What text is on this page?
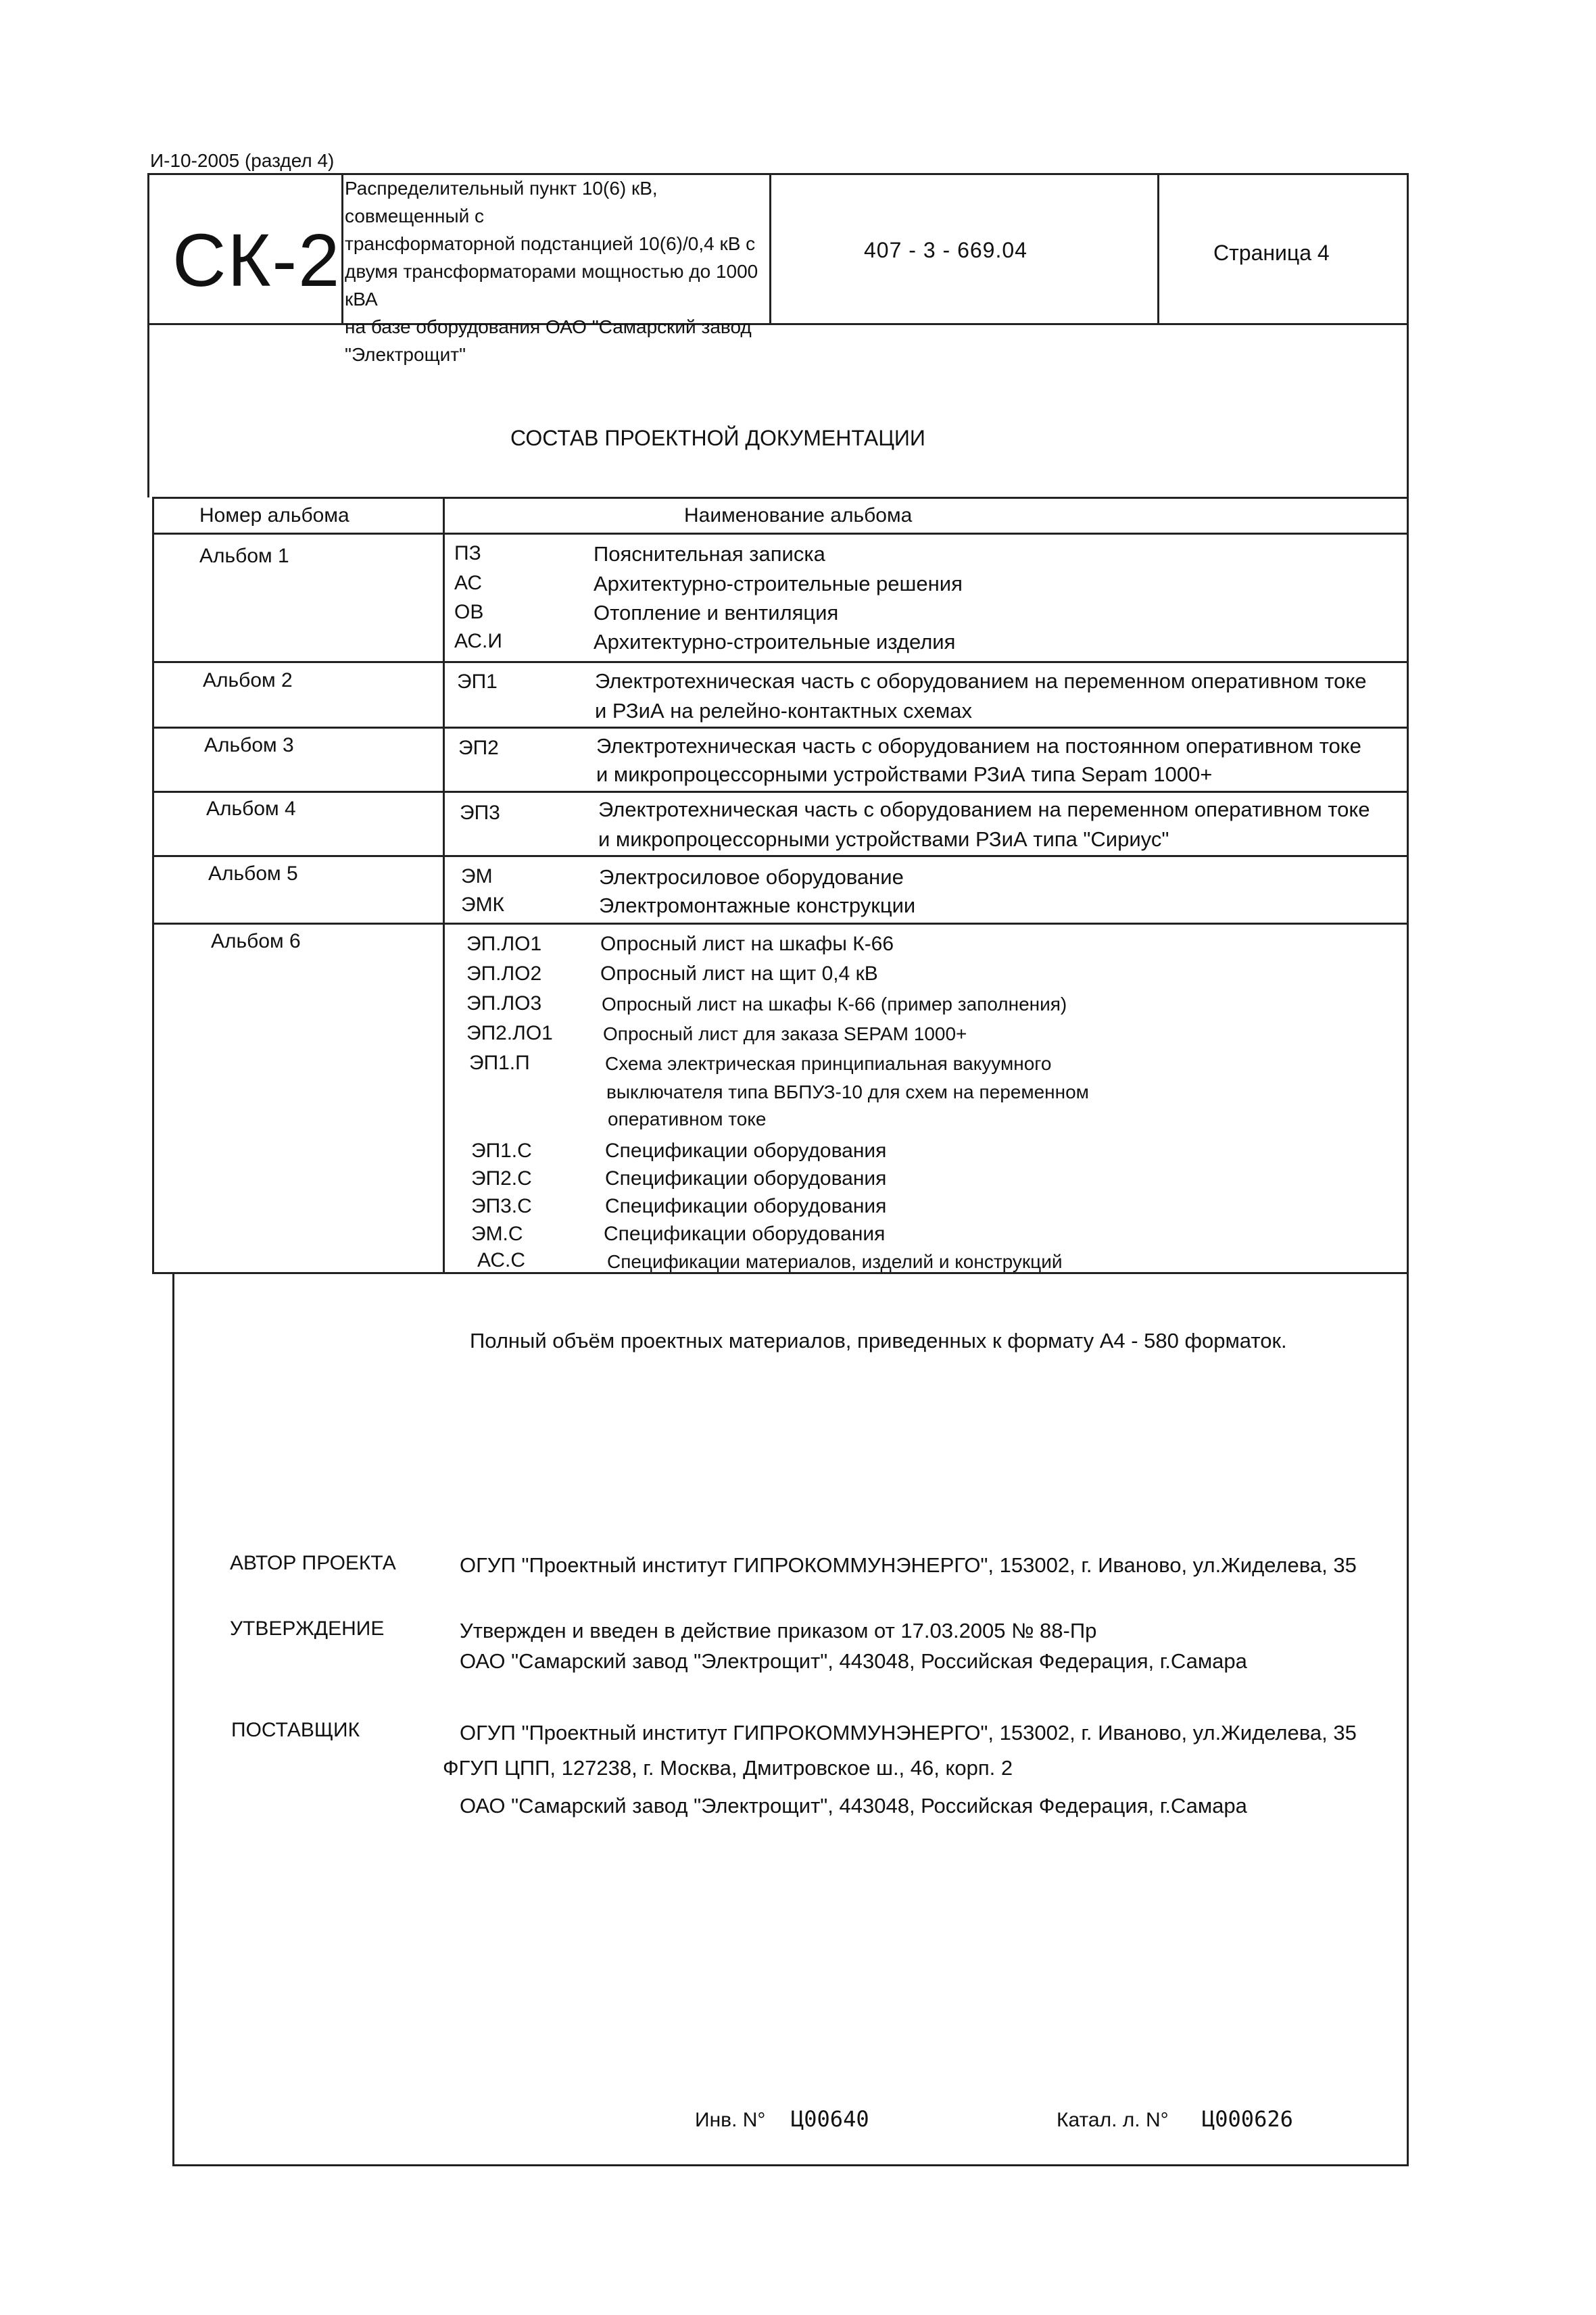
И-10-2005 (раздел 4)
СК-2
Распределительный пункт 10(6) кВ, совмещенный с
трансформаторной подстанцией 10(6)/0,4 кВ с
двумя трансформаторами мощностью до 1000 кВА
на базе оборудования ОАО "Самарский завод
"Электрощит"
407 - 3 - 669.04	Страница 4
СОСТАВ ПРОЕКТНОЙ ДОКУМЕНТАЦИИ
Номер альбома	Наименование альбома
Альбом 1	ПЗ	Пояснительная записка
АС	Архитектурно-строительные решения
ОВ	Отопление и вентиляция
АС.И	Архитектурно-строительные изделия
Альбом 2	ЭП1	Электротехническая часть с оборудованием на переменном оперативном токе
и РЗиА на релейно-контактных схемах
Альбом 3	ЭП2	Электротехническая часть с оборудованием на постоянном оперативном токе
и микропроцессорными устройствами РЗиА типа Sepam 1000+
Альбом 4	ЭП3	Электротехническая часть с оборудованием на переменном оперативном токе
и микропроцессорными устройствами РЗиА типа "Сириус"
Альбом 5	ЭМ	Электросиловое оборудование
ЭМК	Электромонтажные конструкции
Альбом 6	ЭП.ЛО1	Опросный лист на шкафы К-66
ЭП.ЛО2	Опросный лист на щит 0,4 кВ
ЭП.ЛО3	Опросный лист на шкафы К-66 (пример заполнения)
ЭП2.ЛО1	Опросный лист для заказа SEPAM 1000+
ЭП1.П	Схема электрическая принципиальная вакуумного
выключателя типа ВБПУЗ-10 для схем на переменном
оперативном токе
ЭП1.С	Спецификации оборудования
ЭП2.С	Спецификации оборудования
ЭП3.С	Спецификации оборудования
ЭМ.С	Спецификации оборудования
АС.С	Спецификации материалов, изделий и конструкций
Полный объём проектных материалов, приведенных к формату А4 - 580 форматок.
АВТОР ПРОЕКТА	ОГУП "Проектный институт ГИПРОКОММУНЭНЕРГО", 153002, г. Иваново, ул.Жиделева, 35
УТВЕРЖДЕНИЕ	Утвержден и введен в действие приказом от 17.03.2005 № 88-Пр
ОАО "Самарский завод "Электрощит", 443048, Российская Федерация, г.Самара
ПОСТАВЩИК	ОГУП "Проектный институт ГИПРОКОММУНЭНЕРГО", 153002, г. Иваново, ул.Жиделева, 35
ФГУП ЦПП, 127238, г. Москва, Дмитровское ш., 46, корп. 2
ОАО "Самарский завод "Электрощит", 443048, Российская Федерация, г.Самара
Инв. N° Ц00640	Катал. л. N° Ц000626
